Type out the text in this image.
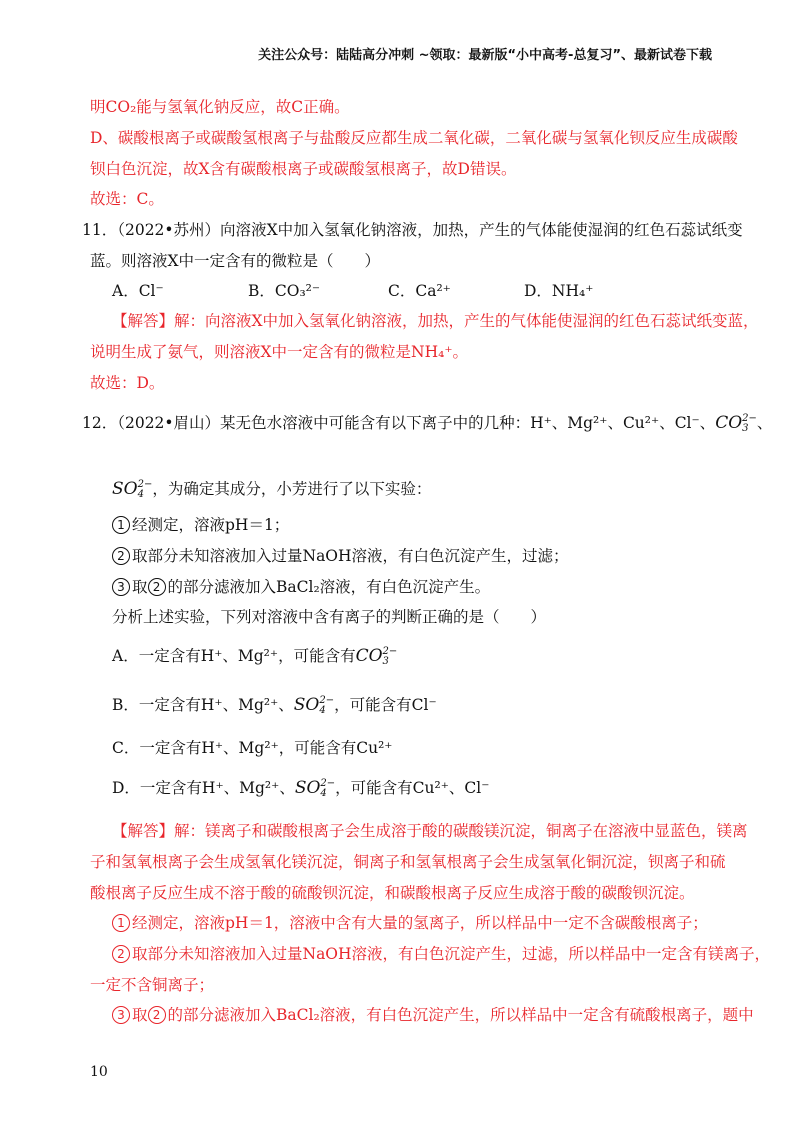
关注公众号：陆陆高分冲刺 ~领取：最新版“小中高考-总复习”、最新试卷下载
明CO₂能与氢氧化钠反应，故C正确。
D、碳酸根离子或碳酸氢根离子与盐酸反应都生成二氧化碳，二氧化碳与氢氧化钡反应生成碳酸
钡白色沉淀，故X含有碳酸根离子或碳酸氢根离子，故D错误。
故选：C。
11．（2022•苏州）向溶液X中加入氢氧化钠溶液，加热，产生的气体能使湿润的红色石蕊试纸变
蓝。则溶液X中一定含有的微粒是（　　）
A．Cl⁻	B．CO₃²⁻	C．Ca²⁺	D．NH₄⁺
【解答】解：向溶液X中加入氢氧化钠溶液，加热，产生的气体能使湿润的红色石蕊试纸变蓝，
说明生成了氨气，则溶液X中一定含有的微粒是NH₄⁺。
故选：D。
12．（2022•眉山）某无色水溶液中可能含有以下离子中的几种：H⁺、Mg²⁺、Cu²⁺、Cl⁻、CO 2−
3 、
SO 2−
4 ，为确定其成分，小芳进行了以下实验：
1 经测定，溶液pH＝1；
2 取部分未知溶液加入过量NaOH溶液，有白色沉淀产生，过滤；
3 取 2 的部分滤液加入BaCl₂溶液，有白色沉淀产生。
分析上述实验，下列对溶液中含有离子的判断正确的是（　　）
A．一定含有H⁺、Mg²⁺，可能含有CO 2−
3
B．一定含有H⁺、Mg²⁺、SO 2−
4 ，可能含有Cl⁻
C．一定含有H⁺、Mg²⁺，可能含有Cu²⁺
D．一定含有H⁺、Mg²⁺、SO 2−
4 ，可能含有Cu²⁺、Cl⁻
【解答】解：镁离子和碳酸根离子会生成溶于酸的碳酸镁沉淀，铜离子在溶液中显蓝色，镁离
子和氢氧根离子会生成氢氧化镁沉淀，铜离子和氢氧根离子会生成氢氧化铜沉淀，钡离子和硫
酸根离子反应生成不溶于酸的硫酸钡沉淀，和碳酸根离子反应生成溶于酸的碳酸钡沉淀。
1 经测定，溶液pH＝1，溶液中含有大量的氢离子，所以样品中一定不含碳酸根离子；
2 取部分未知溶液加入过量NaOH溶液，有白色沉淀产生，过滤，所以样品中一定含有镁离子，
一定不含铜离子；
3 取 2 的部分滤液加入BaCl₂溶液，有白色沉淀产生，所以样品中一定含有硫酸根离子，题中
10
